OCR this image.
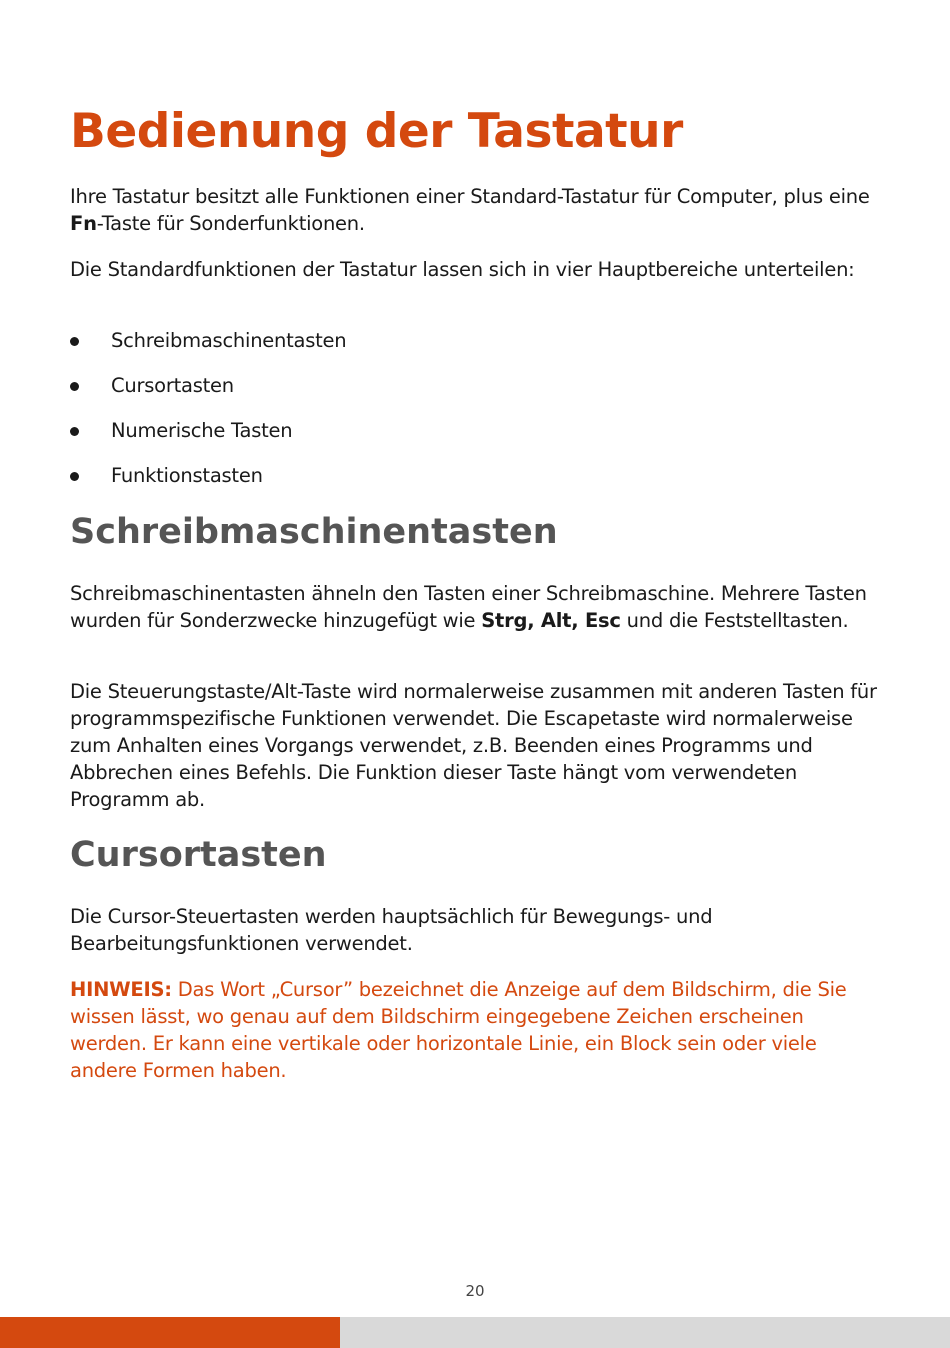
Bedienung der Tastatur

Ihre Tastatur besitzt alle Funktionen einer Standard-Tastatur für Computer, plus eine Fn-Taste für Sonderfunktionen.

Die Standardfunktionen der Tastatur lassen sich in vier Hauptbereiche unterteilen:

Schreibmaschinentasten
Cursortasten
Numerische Tasten
Funktionstasten
Schreibmaschinentasten

Schreibmaschinentasten ähneln den Tasten einer Schreibmaschine. Mehrere Tasten wurden für Sonderzwecke hinzugefügt wie Strg, Alt, Esc und die Feststelltasten.

Die Steuerungstaste/Alt-Taste wird normalerweise zusammen mit anderen Tasten für programmspezifische Funktionen verwendet. Die Escapetaste wird normalerweise zum Anhalten eines Vorgangs verwendet, z.B. Beenden eines Programms und Abbrechen eines Befehls. Die Funktion dieser Taste hängt vom verwendeten Programm ab.

Cursortasten

Die Cursor-Steuertasten werden hauptsächlich für Bewegungs- und Bearbeitungsfunktionen verwendet.

HINWEIS: Das Wort „Cursor” bezeichnet die Anzeige auf dem Bildschirm, die Sie wissen lässt, wo genau auf dem Bildschirm eingegebene Zeichen erscheinen werden. Er kann eine vertikale oder horizontale Linie, ein Block sein oder viele andere Formen haben.

20
